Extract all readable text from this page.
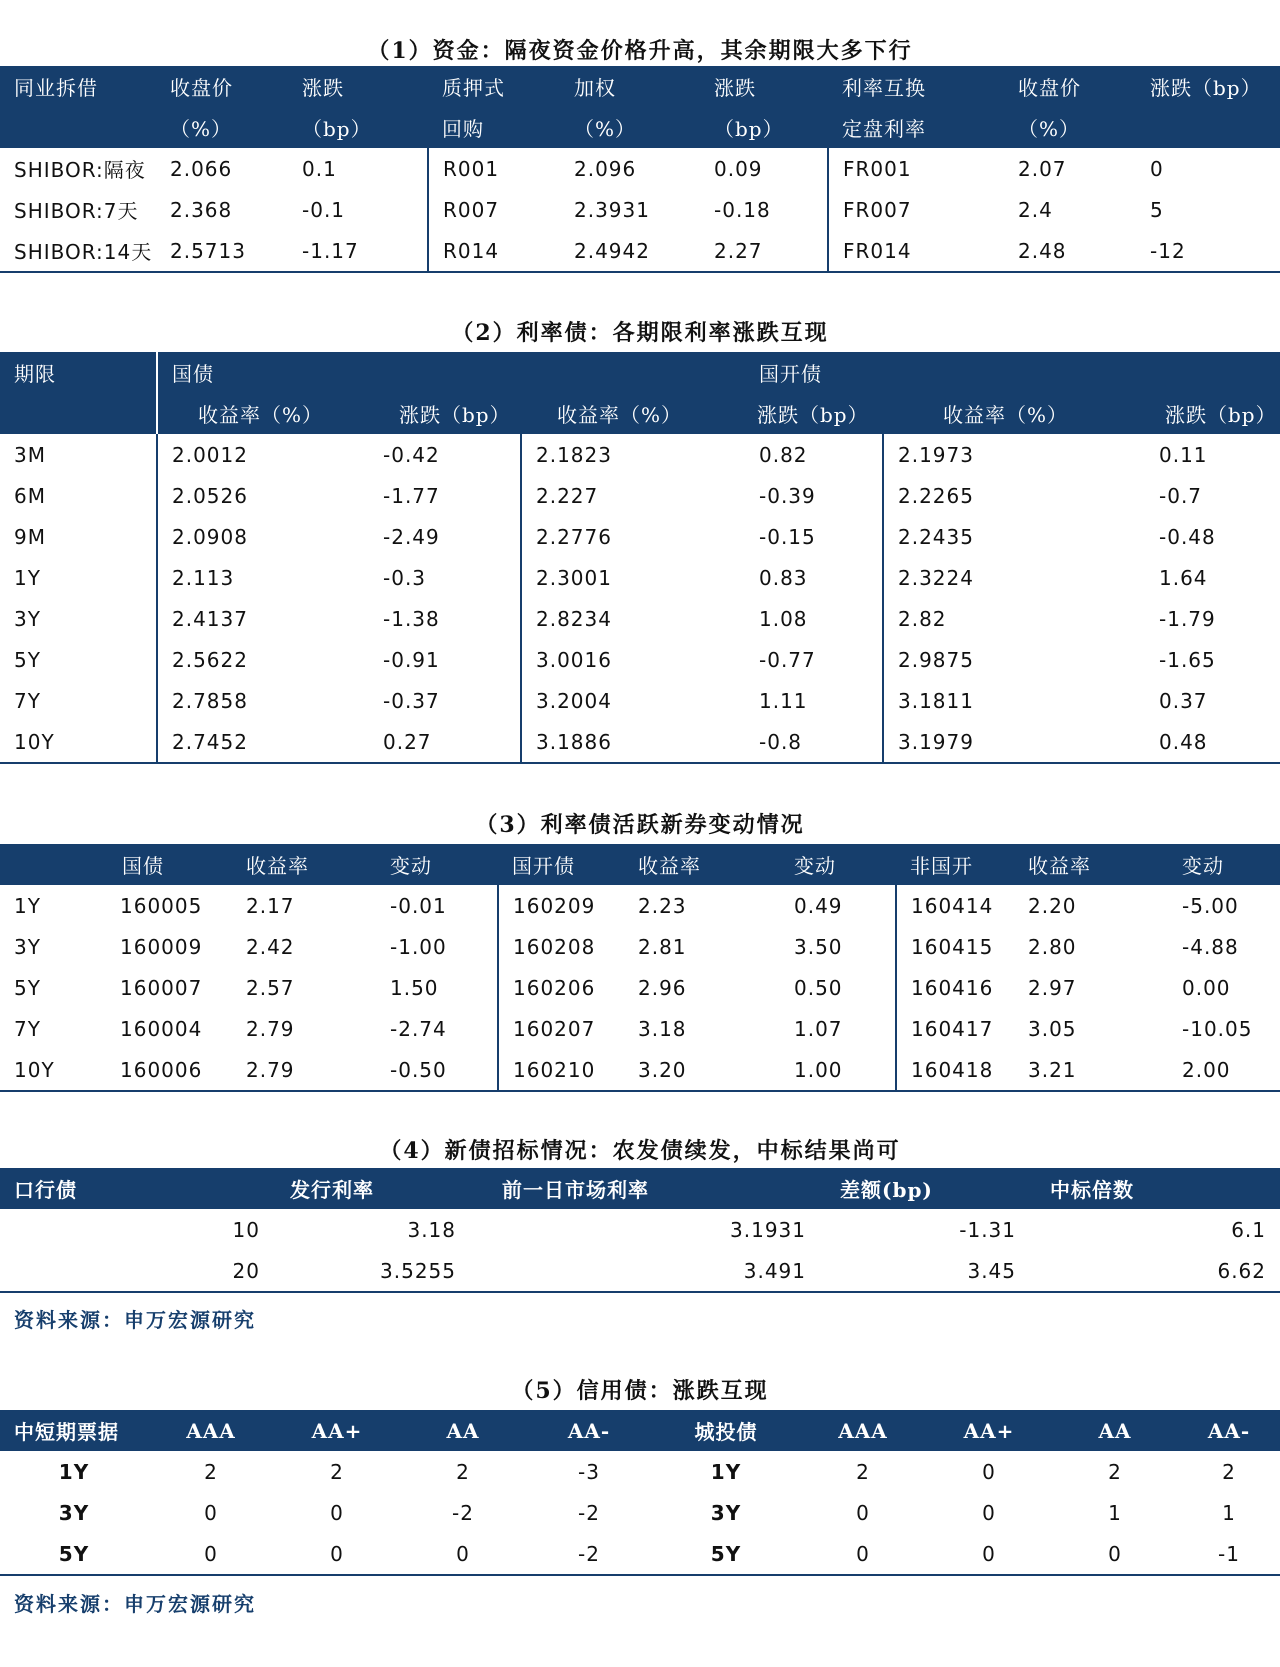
（1）资金：隔夜资金价格升高，其余期限大多下行
同业拆借	收盘价	涨跌	质押式	加权	涨跌	利率互换	收盘价	涨跌（bp）
	（%）	（bp）	回购	（%）	（bp）	定盘利率	（%）	
SHIBOR:隔夜	2.066	0.1	R001	2.096	0.09	FR001	2.07	0
SHIBOR:7天	2.368	-0.1	R007	2.3931	-0.18	FR007	2.4	5
SHIBOR:14天	2.5713	-1.17	R014	2.4942	2.27	FR014	2.48	-12
（2）利率债：各期限利率涨跌互现
期限	国债			国开债		
	收益率（%）	涨跌（bp）	收益率（%）	涨跌（bp）	收益率（%）	涨跌（bp）
3M	2.0012	-0.42	2.1823	0.82	2.1973	0.11
6M	2.0526	-1.77	2.227	-0.39	2.2265	-0.7
9M	2.0908	-2.49	2.2776	-0.15	2.2435	-0.48
1Y	2.113	-0.3	2.3001	0.83	2.3224	1.64
3Y	2.4137	-1.38	2.8234	1.08	2.82	-1.79
5Y	2.5622	-0.91	3.0016	-0.77	2.9875	-1.65
7Y	2.7858	-0.37	3.2004	1.11	3.1811	0.37
10Y	2.7452	0.27	3.1886	-0.8	3.1979	0.48
（3）利率债活跃新券变动情况
	国债	收益率	变动	国开债	收益率	变动	非国开	收益率	变动
1Y	160005	2.17	-0.01	160209	2.23	0.49	160414	2.20	-5.00
3Y	160009	2.42	-1.00	160208	2.81	3.50	160415	2.80	-4.88
5Y	160007	2.57	1.50	160206	2.96	0.50	160416	2.97	0.00
7Y	160004	2.79	-2.74	160207	3.18	1.07	160417	3.05	-10.05
10Y	160006	2.79	-0.50	160210	3.20	1.00	160418	3.21	2.00
（4）新债招标情况：农发债续发，中标结果尚可
口行债	发行利率	前一日市场利率	差额(bp)	中标倍数
10	3.18	3.1931	-1.31	6.1
20	3.5255	3.491	3.45	6.62
资料来源：申万宏源研究
（5）信用债：涨跌互现
中短期票据	AAA	AA+	AA	AA-	城投债	AAA	AA+	AA	AA-
1Y	2	2	2	-3	1Y	2	0	2	2
3Y	0	0	-2	-2	3Y	0	0	1	1
5Y	0	0	0	-2	5Y	0	0	0	-1
资料来源：申万宏源研究
